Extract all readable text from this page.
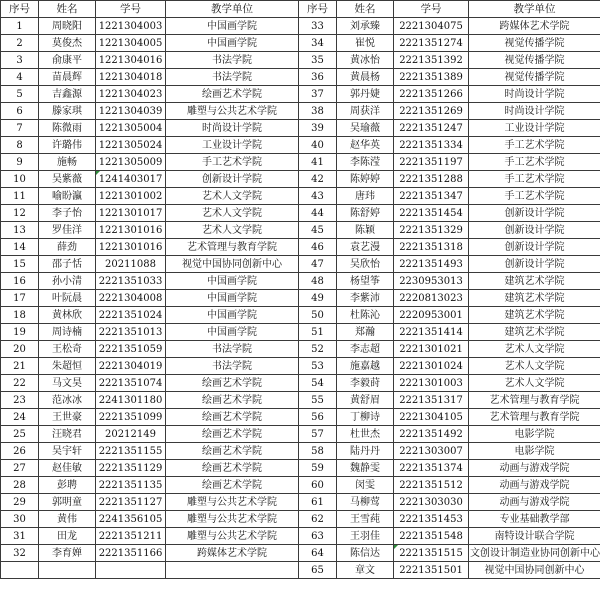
序号	姓名	学号	教学单位	序号	姓名	学号	教学单位
1	周晓阳	1221304003	中国画学院	33	刘承臻	2221304075	跨媒体艺术学院
2	莫俊杰	1221304005	中国画学院	34	崔悦	2221351274	视觉传播学院
3	俞康平	1221304016	书法学院	35	黄冰怡	2221351392	视觉传播学院
4	苗晨辉	1221304018	书法学院	36	黄晨杨	2221351389	视觉传播学院
5	吉鑫源	1221304023	绘画艺术学院	37	郭丹婕	2221351266	时尚设计学院
6	滕家琪	1221304039	雕塑与公共艺术学院	38	周获洋	2221351269	时尚设计学院
7	陈微雨	1221305004	时尚设计学院	39	吴瑜薇	2221351247	工业设计学院
8	许璐伟	1221305024	工业设计学院	40	赵华英	2221351334	手工艺术学院
9	施畅	1221305009	手工艺术学院	41	李陈滢	2221351197	手工艺术学院
10	吴紫薇	1241403017	创新设计学院	42	陈婷婷	2221351288	手工艺术学院
11	喻盼瀛	1221301002	艺术人文学院	43	唐玮	2221351347	手工艺术学院
12	李子怡	1221301017	艺术人文学院	44	陈舒婷	2221351454	创新设计学院
13	罗佳洋	1221301016	艺术人文学院	45	陈颖	2221351329	创新设计学院
14	薛劲	1221301016	艺术管理与教育学院	46	袁艺漫	2221351318	创新设计学院
15	邵子恬	20211088	视觉中国协同创新中心	47	吴欣怡	2221351493	创新设计学院
16	孙小清	2221351033	中国画学院	48	杨望筝	2230953013	建筑艺术学院
17	叶阮晨	2221304008	中国画学院	49	李紫沛	2220813023	建筑艺术学院
18	黄林欣	2221351024	中国画学院	50	杜陈沁	2220953001	建筑艺术学院
19	周诗楠	2221351013	中国画学院	51	郑瀚	2221351414	建筑艺术学院
20	王松奇	2221351059	书法学院	52	李志超	2221301021	艺术人文学院
21	朱超恒	2221304019	书法学院	53	施嘉越	2221301024	艺术人文学院
22	马文昊	2221351074	绘画艺术学院	54	李毅莳	2221301003	艺术人文学院
23	范冰冰	2241301180	绘画艺术学院	55	黄舒眉	2221351317	艺术管理与教育学院
24	王世豪	2221351099	绘画艺术学院	56	丁柳诗	2221304105	艺术管理与教育学院
25	汪晓君	20212149	绘画艺术学院	57	杜世杰	2221351492	电影学院
26	吴宇轩	2221351155	绘画艺术学院	58	陆丹丹	2221303007	电影学院
27	赵佳敏	2221351129	绘画艺术学院	59	魏静雯	2221351374	动画与游戏学院
28	彭聘	2221351135	绘画艺术学院	60	闵雯	2221351512	动画与游戏学院
29	郭明童	2221351127	雕塑与公共艺术学院	61	马柳莺	2221303030	动画与游戏学院
30	黄伟	2241356105	雕塑与公共艺术学院	62	王雪莼	2221351453	专业基础教学部
31	田龙	2221351211	雕塑与公共艺术学院	63	王羽佳	2221351548	南特设计联合学院
32	李育婵	2221351166	跨媒体艺术学院	64	陈信达	2221351515	文创设计制造业协同创新中心
				65	章文	2221351501	视觉中国协同创新中心
